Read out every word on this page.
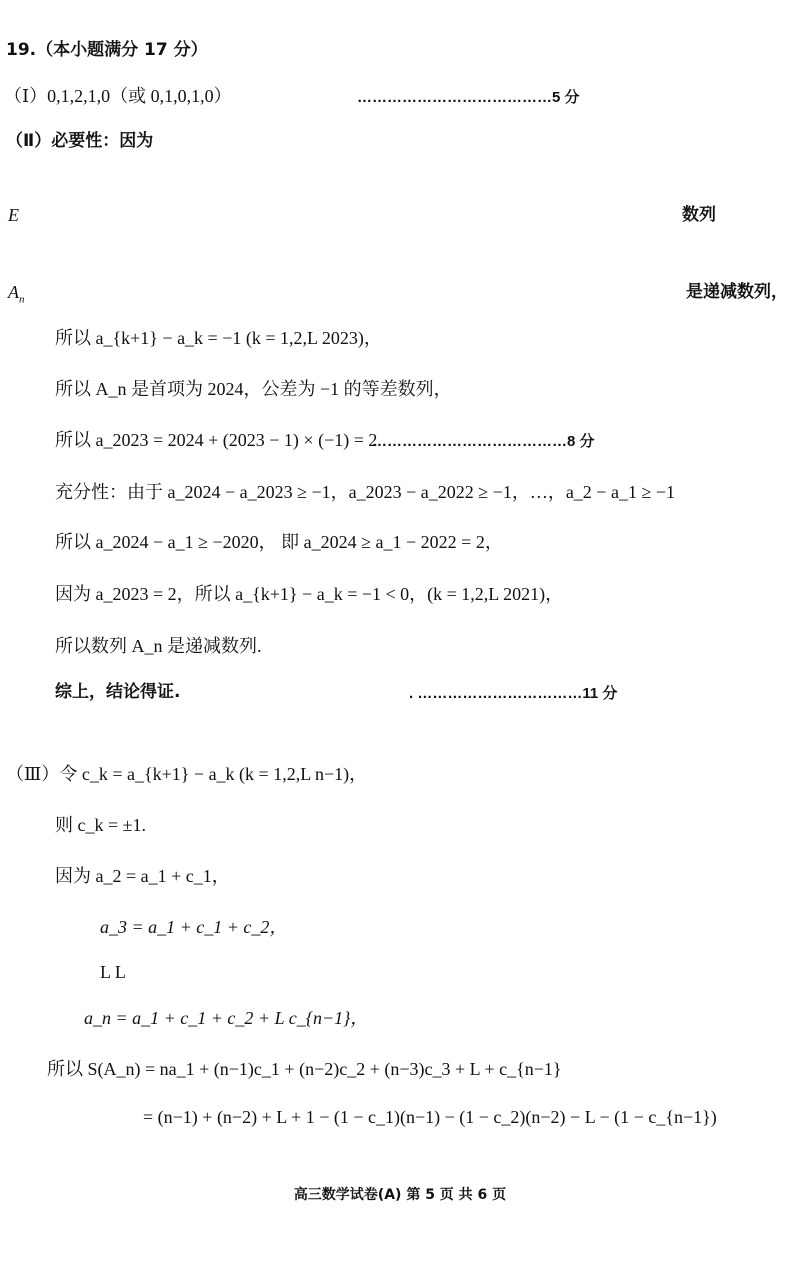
19.（本小题满分 17 分）
（Ⅰ）0,1,2,1,0（或 0,1,0,1,0）	…………………………………5 分
（Ⅱ）必要性：因为
E	数列
$A_n$	是递减数列，
所以 a_{k+1} − a_k = −1 (k = 1,2,L 2023)，
所以 A_n 是首项为 2024，公差为 −1 的等差数列，
所以 a_2023 = 2024 + (2023 − 1) × (−1) = 2
…………………………………8 分
充分性：由于 a_2024 − a_2023 ≥ −1，a_2023 − a_2022 ≥ −1，…，a_2 − a_1 ≥ −1
所以 a_2024 − a_1 ≥ −2020， 即 a_2024 ≥ a_1 − 2022 = 2，
因为 a_2023 = 2，所以 a_{k+1} − a_k = −1 < 0，(k = 1,2,L 2021)，
所以数列 A_n 是递减数列.
综上，结论得证.	. ……………………………11 分
（Ⅲ）令 c_k = a_{k+1} − a_k (k = 1,2,L n−1)，
则 c_k = ±1.
因为 a_2 = a_1 + c_1，
a_3 = a_1 + c_1 + c_2，
L L
a_n = a_1 + c_1 + c_2 + L c_{n−1}，
所以 S(A_n) = na_1 + (n−1)c_1 + (n−2)c_2 + (n−3)c_3 + L + c_{n−1}
= (n−1) + (n−2) + L + 1 − (1 − c_1)(n−1) − (1 − c_2)(n−2) − L − (1 − c_{n−1})
高三数学试卷(A) 第 5 页 共 6 页
